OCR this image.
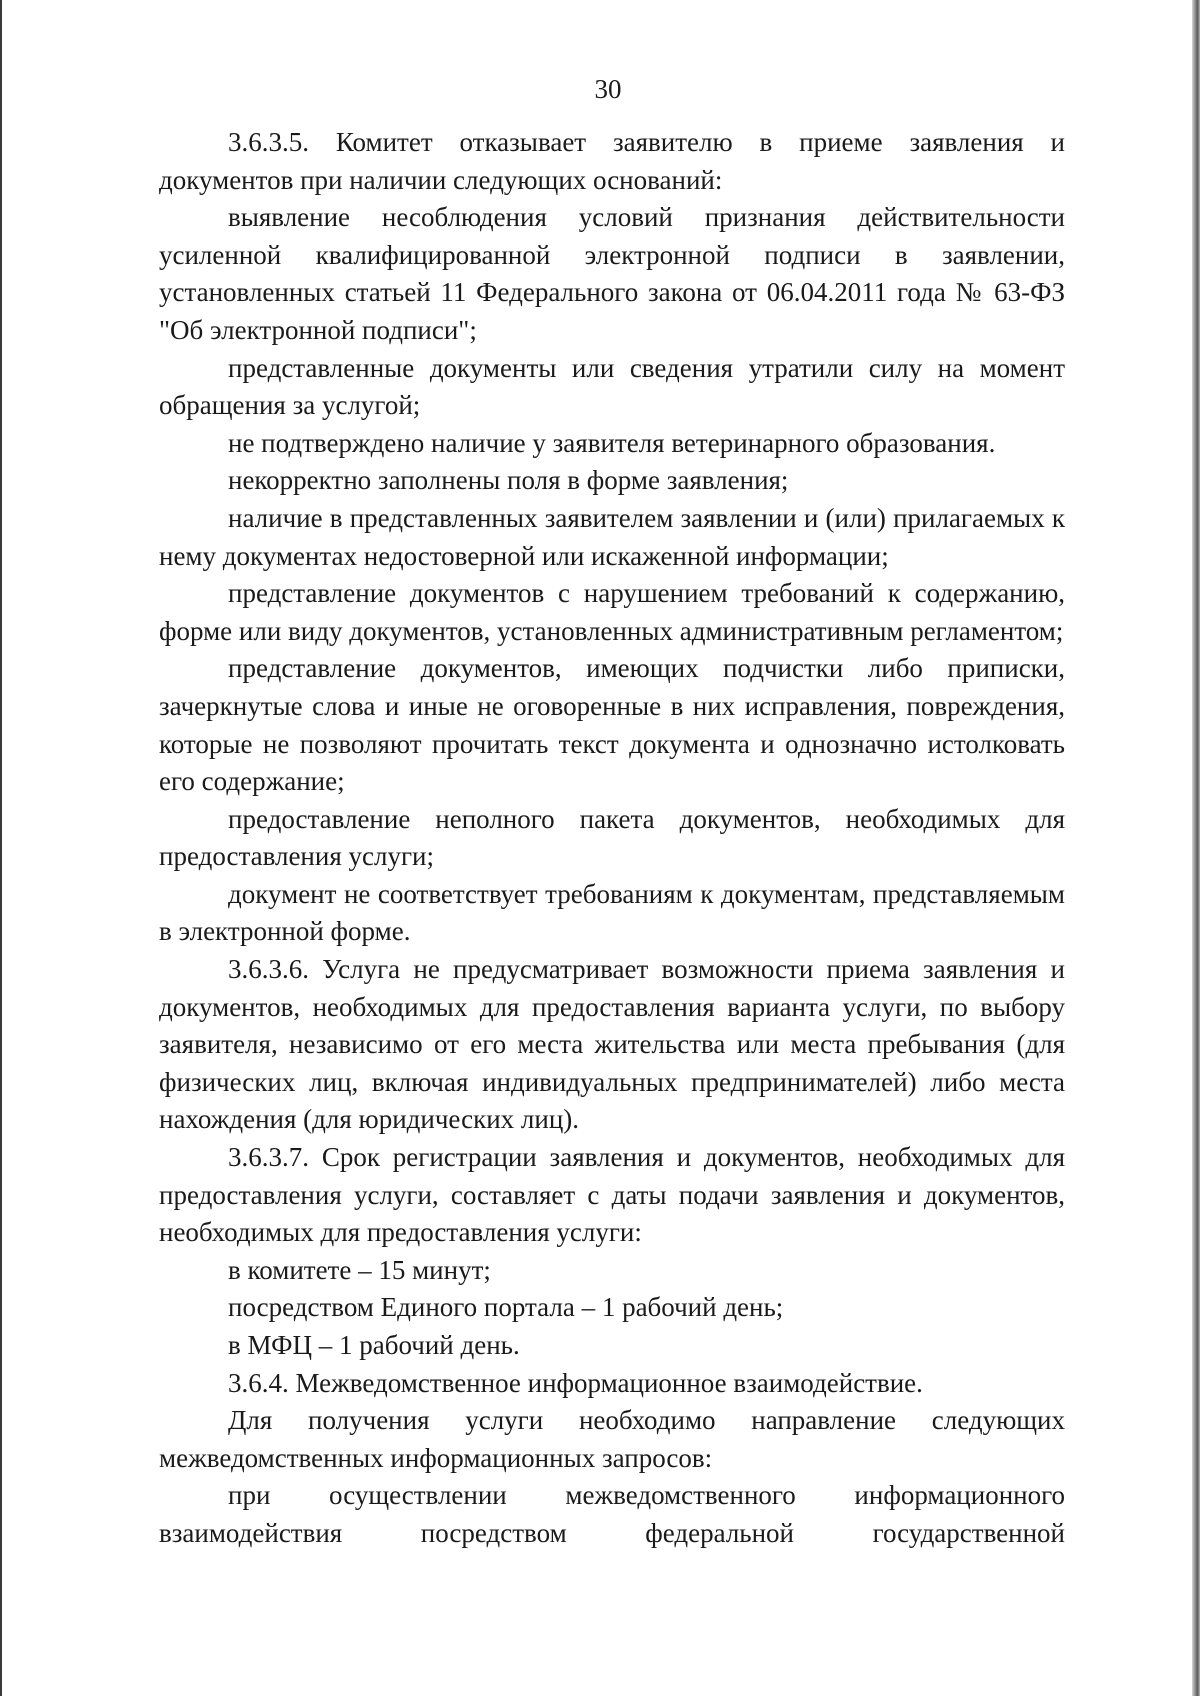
30

3.6.3.5. Комитет отказывает заявителю в приеме заявления и документов при наличии следующих оснований:

выявление несоблюдения условий признания действительности усиленной квалифицированной электронной подписи в заявлении, установленных статьей 11 Федерального закона от 06.04.2011 года № 63-ФЗ "Об электронной подписи";

представленные документы или сведения утратили силу на момент обращения за услугой;

не подтверждено наличие у заявителя ветеринарного образования.

некорректно заполнены поля в форме заявления;

наличие в представленных заявителем заявлении и (или) прилагаемых к нему документах недостоверной или искаженной информации;

представление документов с нарушением требований к содержанию, форме или виду документов, установленных административным регламентом;

представление документов, имеющих подчистки либо приписки, зачеркнутые слова и иные не оговоренные в них исправления, повреждения, которые не позволяют прочитать текст документа и однозначно истолковать его содержание;

предоставление неполного пакета документов, необходимых для предоставления услуги;

документ не соответствует требованиям к документам, представляемым в электронной форме.

3.6.3.6. Услуга не предусматривает возможности приема заявления и документов, необходимых для предоставления варианта услуги, по выбору заявителя, независимо от его места жительства или места пребывания (для физических лиц, включая индивидуальных предпринимателей) либо места нахождения (для юридических лиц).

3.6.3.7. Срок регистрации заявления и документов, необходимых для предоставления услуги, составляет с даты подачи заявления и документов, необходимых для предоставления услуги:

в комитете – 15 минут;

посредством Единого портала – 1 рабочий день;

в МФЦ – 1 рабочий день.

3.6.4. Межведомственное информационное взаимодействие.

Для получения услуги необходимо направление следующих межведомственных информационных запросов:

при осуществлении межведомственного информационного взаимодействия посредством федеральной государственной
